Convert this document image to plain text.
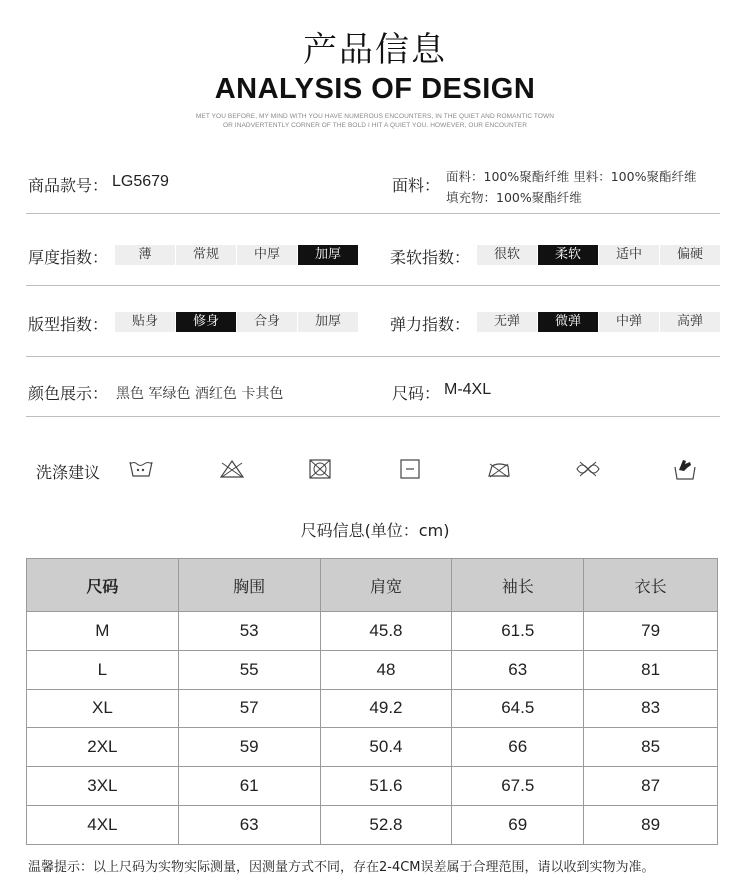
产品信息
ANALYSIS OF DESIGN
MET YOU BEFORE, MY MIND WITH YOU HAVE NUMEROUS ENCOUNTERS, IN THE QUIET AND ROMANTIC TOWN
OR INADVERTENTLY CORNER OF THE BOLD I HIT A QUIET YOU. HOWEVER, OUR ENCOUNTER
商品款号： LG5679	面料： 面料：100%聚酯纤维 里料：100%聚酯纤维
填充物：100%聚酯纤维
厚度指数：	薄	常规	中厚	加厚	柔软指数：	很软	柔软	适中	偏硬
版型指数：	贴身	修身	合身	加厚	弹力指数：	无弹	微弹	中弹	高弹
颜色展示： 黑色 军绿色 酒红色 卡其色	尺码： M-4XL
洗涤建议
尺码信息(单位：cm)
尺码	胸围	肩宽	袖长	衣长
M	53	45.8	61.5	79
L	55	48	63	81
XL	57	49.2	64.5	83
2XL	59	50.4	66	85
3XL	61	51.6	67.5	87
4XL	63	52.8	69	89
温馨提示：以上尺码为实物实际测量，因测量方式不同，存在2-4CM误差属于合理范围，请以收到实物为准。
